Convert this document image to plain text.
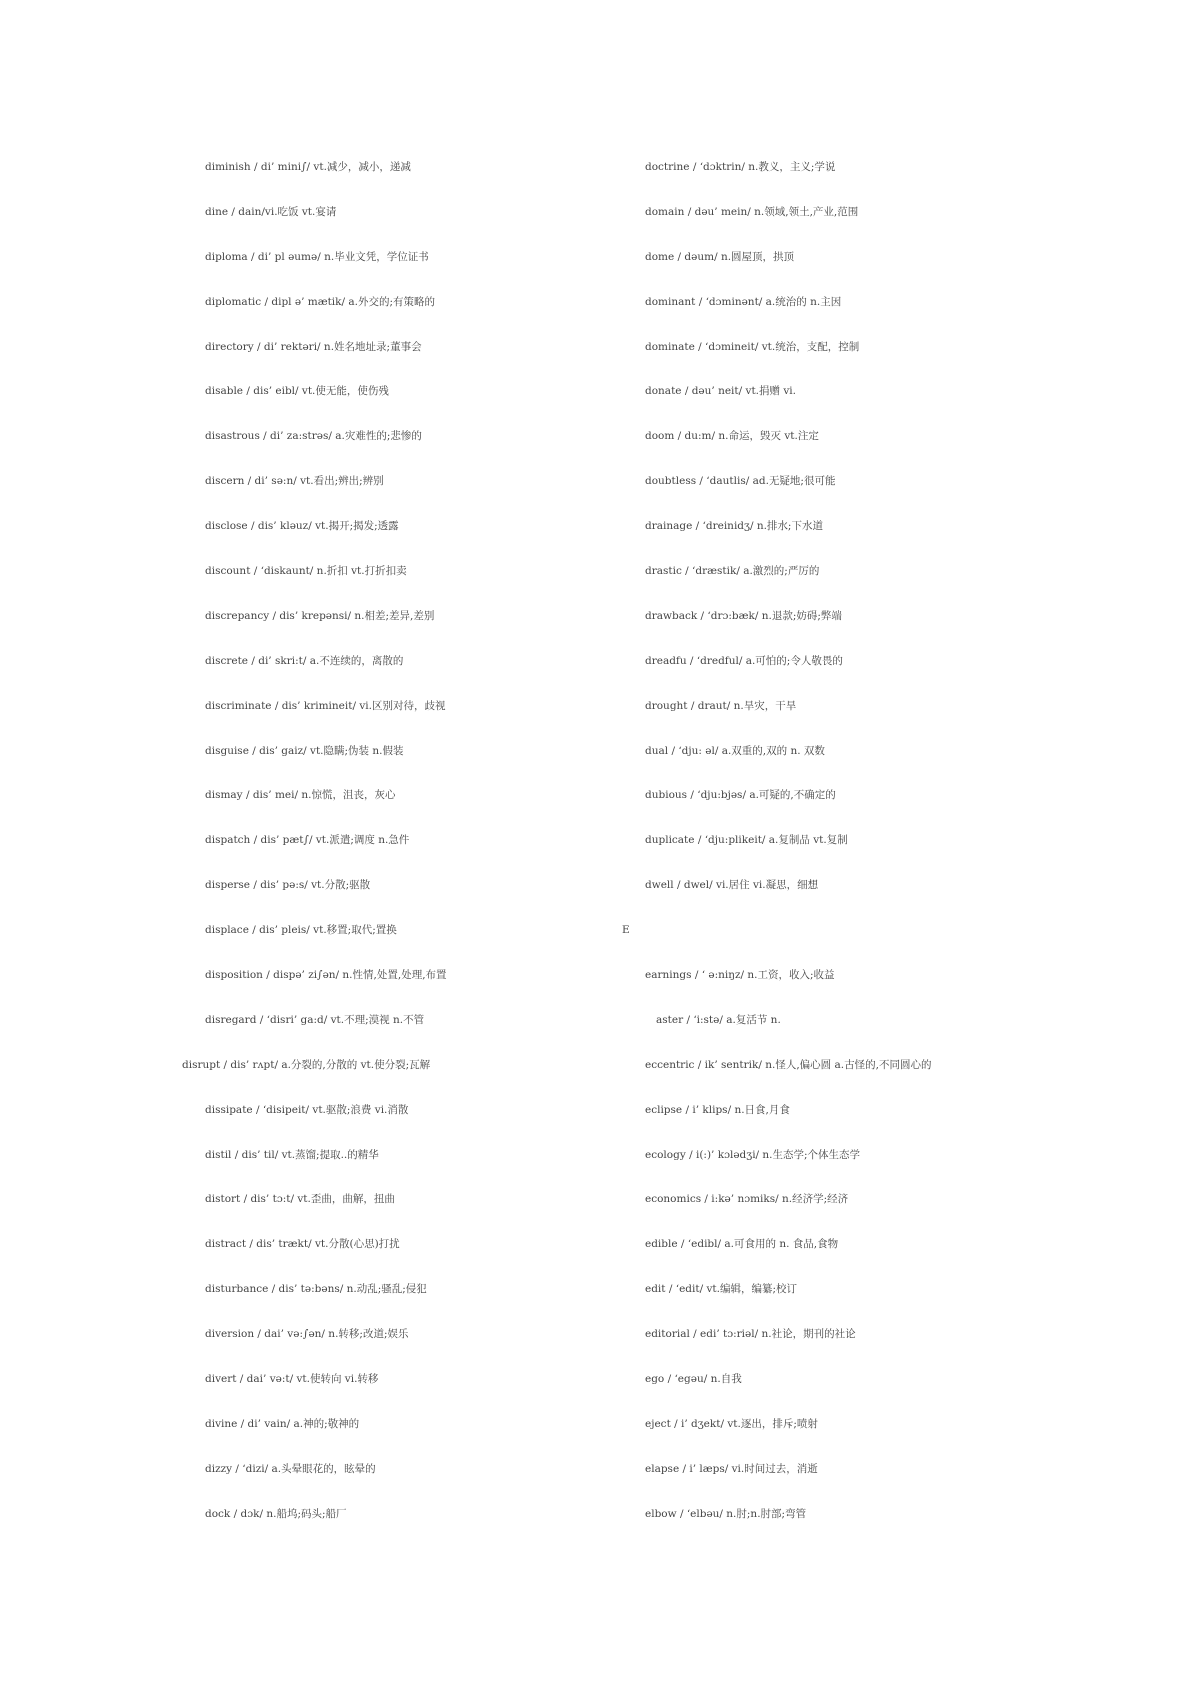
diminish / di’ mini∫/ vt.减少，减小，递减
dine / dain/vi.吃饭 vt.宴请
diploma / di’ pl əumə/ n.毕业文凭，学位证书
diplomatic / dipl ə’ mætik/ a.外交的;有策略的
directory / di’ rektəri/ n.姓名地址录;董事会
disable / dis’ eibl/ vt.使无能，使伤残
disastrous / di’ za:strəs/ a.灾难性的;悲惨的
discern / di’ sə:n/ vt.看出;辨出;辨别
disclose / dis’ kləuz/ vt.揭开;揭发;透露
discount / ‘diskaunt/ n.折扣 vt.打折扣卖
discrepancy / dis’ krepənsi/ n.相差;差异,差别
discrete / di’ skri:t/ a.不连续的，离散的
discriminate / dis’ krimineit/ vi.区别对待，歧视
disguise / dis’ gaiz/ vt.隐瞒;伪装 n.假装
dismay / dis’ mei/ n.惊慌，沮丧，灰心
dispatch / dis’ pæt∫/ vt.派遣;调度 n.急件
disperse / dis’ pə:s/ vt.分散;驱散
displace / dis’ pleis/ vt.移置;取代;置换
disposition / dispə’ zi∫ən/ n.性情,处置,处理,布置
disregard / ‘disri’ ga:d/ vt.不理;漠视 n.不管
disrupt / dis’ rʌpt/ a.分裂的,分散的 vt.使分裂;瓦解
dissipate / ‘disipeit/ vt.驱散;浪费 vi.消散
distil / dis’ til/ vt.蒸馏;提取..的精华
distort / dis’ tɔ:t/ vt.歪曲，曲解，扭曲
distract / dis’ trækt/ vt.分散(心思)打扰
disturbance / dis’ tə:bəns/ n.动乱;骚乱;侵犯
diversion / dai’ və:∫ən/ n.转移;改道;娱乐
divert / dai’ və:t/ vt.使转向 vi.转移
divine / di’ vain/ a.神的;敬神的
dizzy / ‘dizi/ a.头晕眼花的，眩晕的
dock / dɔk/ n.船坞;码头;船厂
doctrine / ‘dɔktrin/ n.教义，主义;学说
domain / dəu’ mein/ n.领域,领土,产业,范围
dome / dəum/ n.圆屋顶，拱顶
dominant / ‘dɔminənt/ a.统治的 n.主因
dominate / ‘dɔmineit/ vt.统治，支配，控制
donate / dəu’ neit/ vt.捐赠 vi.
doom / du:m/ n.命运，毁灭 vt.注定
doubtless / ‘dautlis/ ad.无疑地;很可能
drainage / ‘dreinidʒ/ n.排水;下水道
drastic / ‘dræstik/ a.激烈的;严厉的
drawback / ‘drɔ:bæk/ n.退款;妨碍;弊端
dreadfu / ‘dredful/ a.可怕的;令人敬畏的
drought / draut/ n.旱灾，干旱
dual / ‘dju: əl/ a.双重的,双的 n. 双数
dubious / ‘dju:bjəs/ a.可疑的,不确定的
duplicate / ‘dju:plikeit/ a.复制品 vt.复制
dwell / dwel/ vi.居住 vi.凝思，细想
E
earnings / ‘ ə:niŋz/ n.工资，收入;收益
aster / ‘i:stə/ a.复活节 n.
eccentric / ik’ sentrik/ n.怪人,偏心圆 a.古怪的,不同圆心的
eclipse / i’ klips/ n.日食,月食
ecology / i(:)’ kɔlədʒi/ n.生态学;个体生态学
economics / i:kə’ nɔmiks/ n.经济学;经济
edible / ‘edibl/ a.可食用的 n. 食品,食物
edit / ‘edit/ vt.编辑，编纂;校订
editorial / edi’ tɔ:riəl/ n.社论，期刊的社论
ego / ‘egəu/ n.自我
eject / i’ dʒekt/ vt.逐出，排斥;喷射
elapse / i’ læps/ vi.时间过去，消逝
elbow / ‘elbəu/ n.肘;n.肘部;弯管
